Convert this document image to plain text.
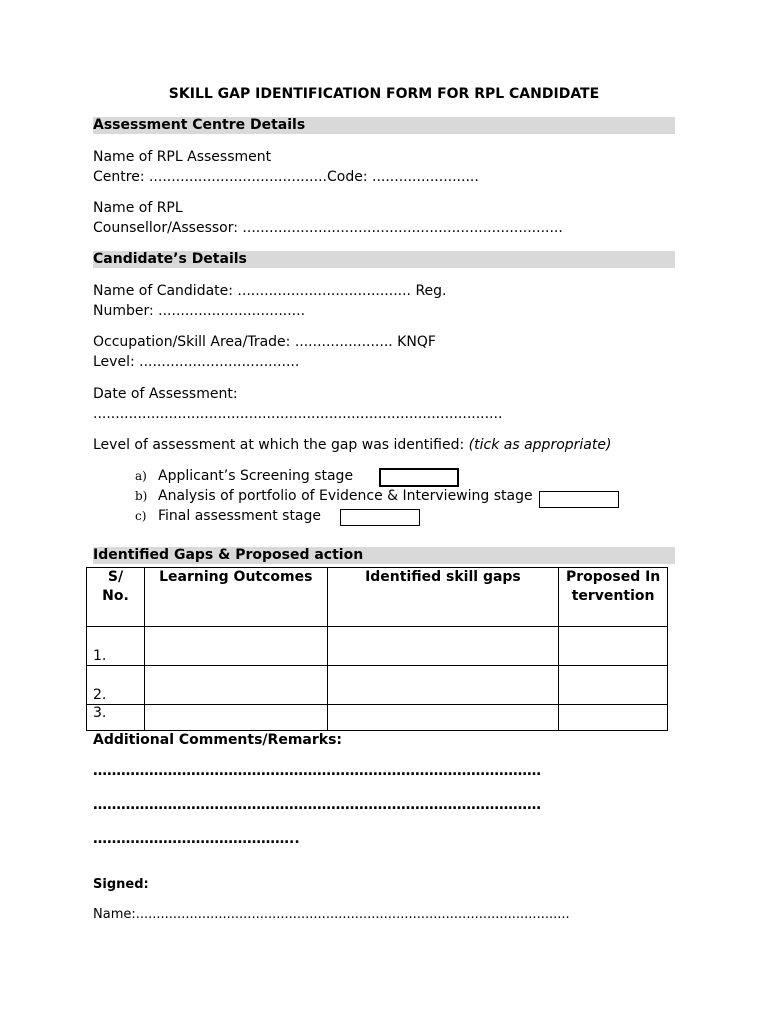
SKILL GAP IDENTIFICATION FORM FOR RPL CANDIDATE
Assessment Centre Details
Name of RPL Assessment
Centre: ........................................Code: ........................
Name of RPL
Counsellor/Assessor: ........................................................................
Candidate’s Details
Name of Candidate: ....................................... Reg.
Number: .................................
Occupation/Skill Area/Trade: ...................... KNQF
Level: ....................................
Date of Assessment:
............................................................................................
Level of assessment at which the gap was identified: (tick as appropriate)
a) Applicant’s Screening stage
b) Analysis of portfolio of Evidence & Interviewing stage
c) Final assessment stage
Identified Gaps & Proposed action
S/ No.	Learning Outcomes	Identified skill gaps	Proposed Intervention
1.			
2.			
3.			
Additional Comments/Remarks:
……………………………………………………………………………………
……………………………………………………………………………………
……………………………………..
Signed:
Name:.........................................................................................................
